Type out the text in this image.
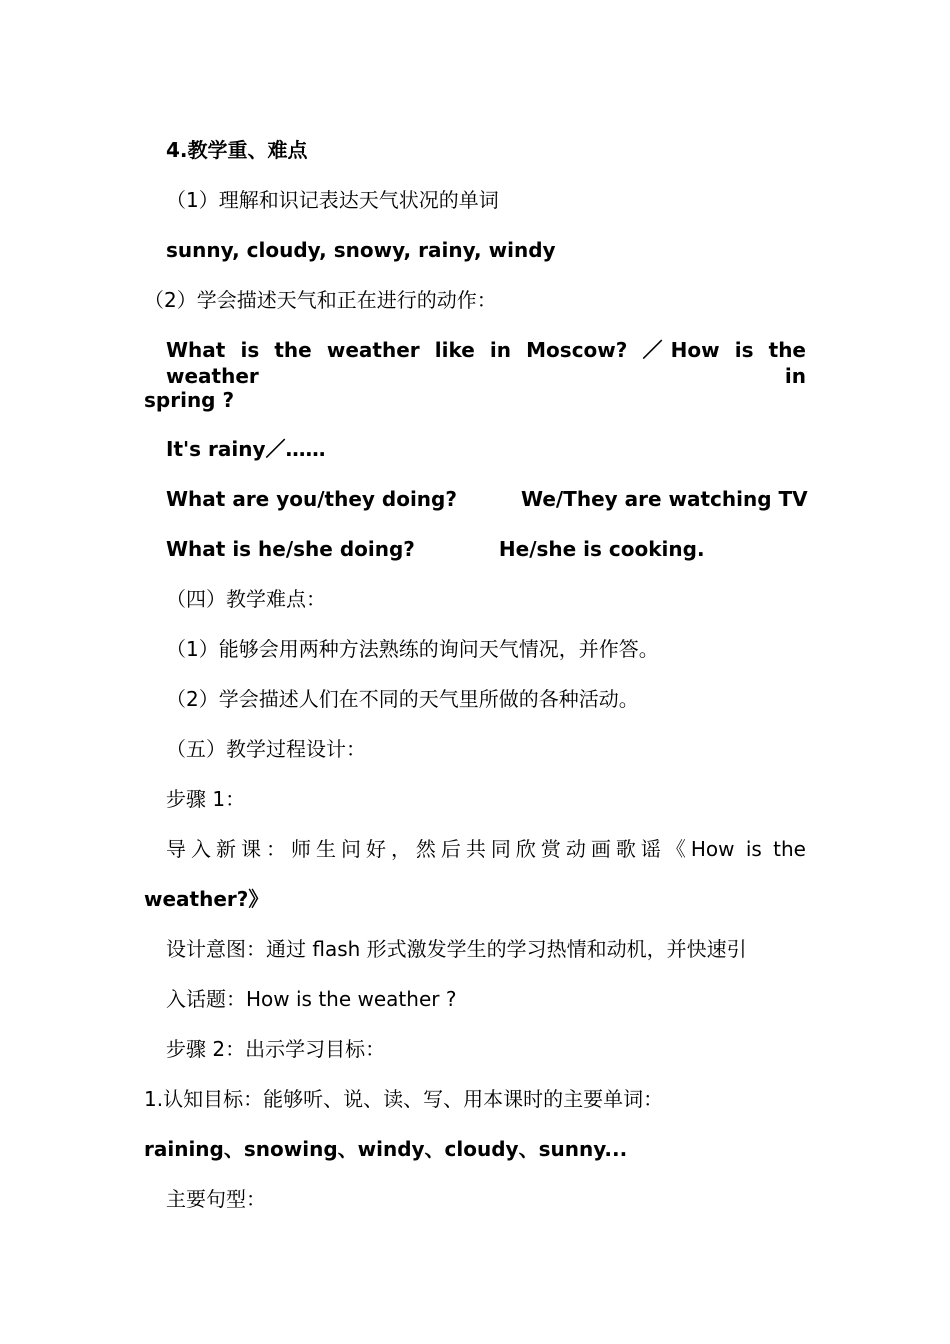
4.教学重、难点
（1）理解和识记表达天气状况的单词
sunny, cloudy, snowy, rainy, windy
（2）学会描述天气和正在进行的动作：
What is the weather like in Moscow? ／How is the weather in
spring ?
It's rainy／……
What are you/they doing?	We/They are watching TV
What is he/she doing?	He/she is cooking.
（四）教学难点：
（1）能够会用两种方法熟练的询问天气情况，并作答。
（2）学会描述人们在不同的天气里所做的各种活动。
（五）教学过程设计：
步骤 1：
导入新课：师生问好，然后共同欣赏动画歌谣《How is the
weather?》
设计意图：通过 flash 形式激发学生的学习热情和动机，并快速引
入话题：How is the weather ?
步骤 2：出示学习目标：
1.认知目标：能够听、说、读、写、用本课时的主要单词：
raining、snowing、windy、cloudy、sunny...
主要句型：
